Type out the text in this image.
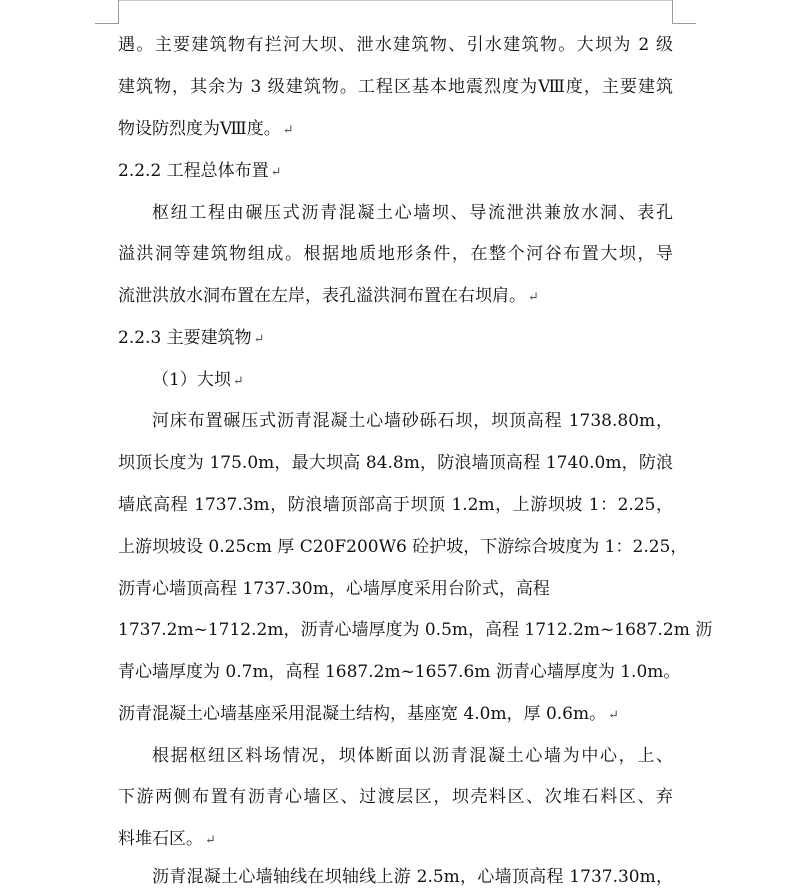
遇。主要建筑物有拦河大坝、泄水建筑物、引水建筑物。大坝为 2 级
建筑物，其余为 3 级建筑物。工程区基本地震烈度为Ⅷ度，主要建筑
物设防烈度为Ⅷ度。 ↵
2.2.2 工程总体布置 ↵
枢纽工程由碾压式沥青混凝土心墙坝、导流泄洪兼放水洞、表孔
溢洪洞等建筑物组成。根据地质地形条件，在整个河谷布置大坝，导
流泄洪放水洞布置在左岸，表孔溢洪洞布置在右坝肩。 ↵
2.2.3 主要建筑物 ↵
（1）大坝 ↵
河床布置碾压式沥青混凝土心墙砂砾石坝，坝顶高程 1738.80m，
坝顶长度为 175.0m，最大坝高 84.8m，防浪墙顶高程 1740.0m，防浪
墙底高程 1737.3m，防浪墙顶部高于坝顶 1.2m，上游坝坡 1：2.25，
上游坝坡设 0.25cm 厚 C20F200W6 砼护坡，下游综合坡度为 1：2.25，
沥青心墙顶高程 1737.30m，心墙厚度采用台阶式，高程
1737.2m~1712.2m，沥青心墙厚度为 0.5m，高程 1712.2m~1687.2m 沥
青心墙厚度为 0.7m，高程 1687.2m~1657.6m 沥青心墙厚度为 1.0m。
沥青混凝土心墙基座采用混凝土结构，基座宽 4.0m，厚 0.6m。 ↵
根据枢纽区料场情况，坝体断面以沥青混凝土心墙为中心，上、
下游两侧布置有沥青心墙区、过渡层区，坝壳料区、次堆石料区、弃
料堆石区。 ↵
沥青混凝土心墙轴线在坝轴线上游 2.5m，心墙顶高程 1737.30m，
